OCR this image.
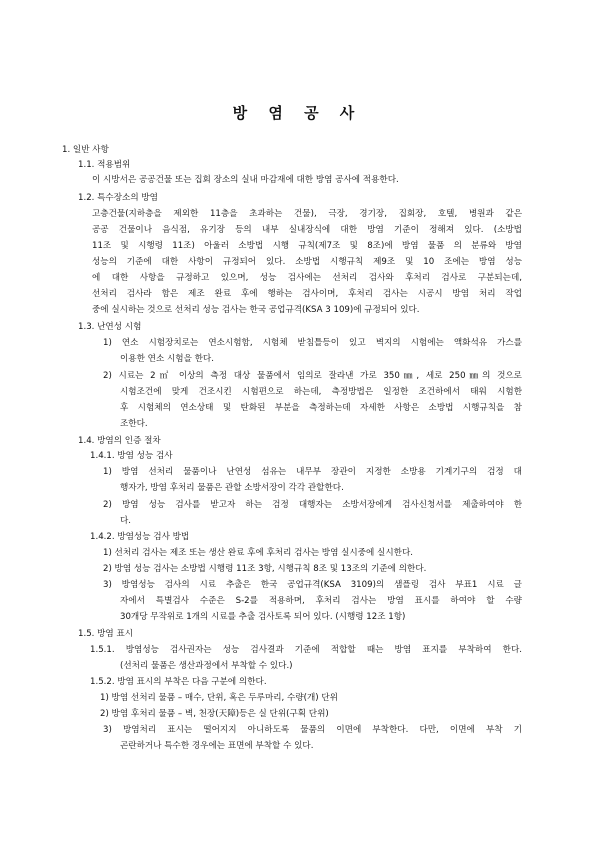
방 염 공 사
1. 일반 사항
1.1. 적용범위
이 시방서은 공공건물 또는 집회 장소의 실내 마감재에 대한 방염 공사에 적용한다.
1.2. 특수장소의 방염
고층건물(지하층을 제외한 11층을 초과하는 건물), 극장, 경기장, 집회장, 호텔, 병원과 같은
공공 건물이나 음식점, 유기장 등의 내부 실내장식에 대한 방염 기준이 정해져 있다. (소방법
11조 및 시행령 11조) 아울러 소방법 시행 규칙(제7조 및 8조)에 방염 물품 의 분류와 방염
성능의 기준에 대한 사항이 규정되어 있다. 소방법 시행규칙 제9조 및 10 조에는 방염 성능
에 대한 사항을 규정하고 있으며, 성능 검사에는 선처리 검사와 후처리 검사로 구분되는데,
선처리 검사라 함은 제조 완료 후에 행하는 검사이며, 후처리 검사는 시공시 방염 처리 작업
중에 실시하는 것으로 선처리 성능 검사는 한국 공업규격(KSA 3 109)에 규정되어 있다.
1.3. 난연성 시험
1) 연소 시험장치로는 연소시험함, 시험체 받침틀등이 있고 벽지의 시험에는 액화석유 가스를
이용한 연소 시험을 한다.
2) 시료는 2㎡ 이상의 측정 대상 물품에서 임의로 잘라낸 가로 350㎜, 세로 250㎜의 것으로
시험조건에 맞게 건조시킨 시험편으로 하는데, 측정방법은 일정한 조건하에서 태워 시험한
후 시험체의 연소상태 및 탄화된 부분을 측정하는데 자세한 사항은 소방법 시행규칙을 참
조한다.
1.4. 방염의 인증 절차
1.4.1. 방염 성능 검사
1) 방염 선처리 물품이나 난연성 섬유는 내무부 장관이 지정한 소방용 기계기구의 검정 대
행자가, 방염 후처리 물품은 관할 소방서장이 각각 관할한다.
2) 방염 성능 검사를 받고자 하는 검정 대행자는 소방서장에게 검사신청서를 제출하여야 한
다.
1.4.2. 방염성능 검사 방법
1) 선처리 검사는 제조 또는 생산 완료 후에 후처리 검사는 방염 실시중에 실시한다.
2) 방염 성능 검사는 소방법 시행령 11조 3항, 시행규칙 8조 및 13조의 기준에 의한다.
3) 방염성능 검사의 시료 추출은 한국 공업규격(KSA 3109)의 샘플링 검사 부표1 시료 글
자에서 특별검사 수준은 S-2를 적용하며, 후처리 검사는 방염 표시를 하여야 할 수량
30개당 무작위로 1개의 시료를 추출 검사토록 되어 있다. (시행령 12조 1항)
1.5. 방염 표시
1.5.1. 방염성능 검사권자는 성능 검사결과 기준에 적합할 때는 방염 표지를 부착하여 한다.
(선처리 물품은 생산과정에서 부착할 수 있다.)
1.5.2. 방염 표시의 부착은 다음 구분에 의한다.
1) 방염 선처리 물품 – 매수, 단위, 혹은 두루마리, 수량(개) 단위
2) 방염 후처리 물품 – 벽, 천장(天障)등은 실 단위(구획 단위)
3) 방염처리 표시는 떨어지지 아니하도록 물품의 이면에 부착한다. 다만, 이면에 부착 기
곤란하거나 특수한 경우에는 표면에 부착할 수 있다.
